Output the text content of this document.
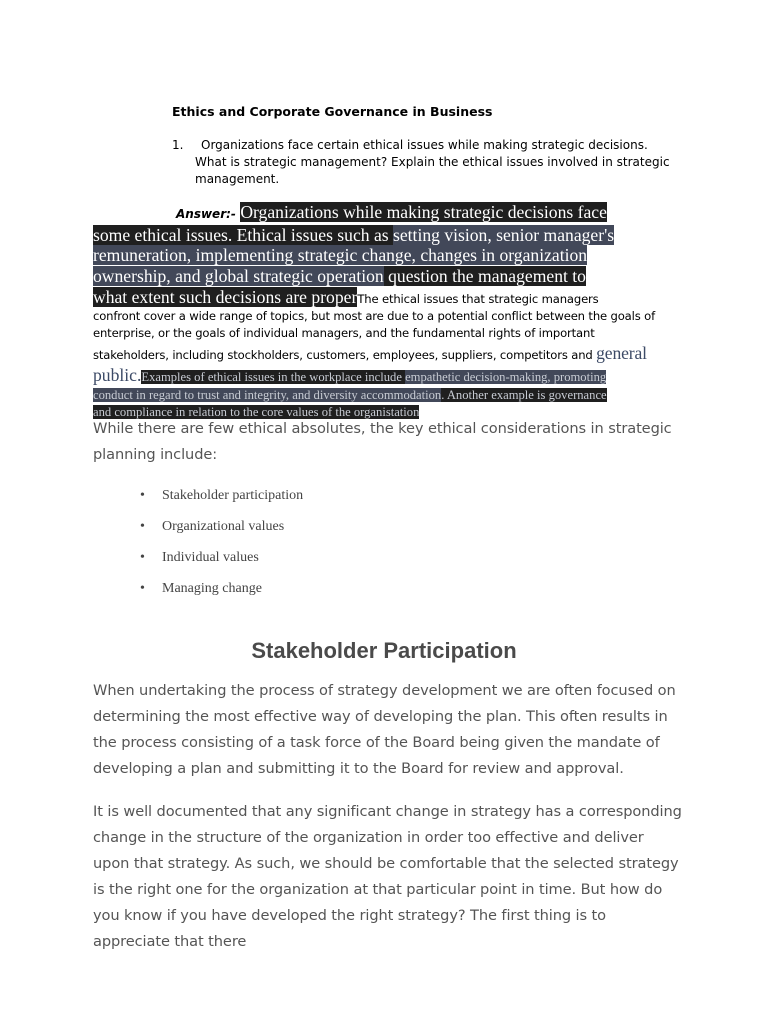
Ethics and Corporate Governance in Business
1.	Organizations face certain ethical issues while making strategic decisions. What is strategic management? Explain the ethical issues involved in strategic management.
Answer:- Organizations while making strategic decisions face
some ethical issues. Ethical issues such as setting vision, senior manager's
remuneration, implementing strategic change, changes in organization
ownership, and global strategic operation question the management to
what extent such decisions are properThe ethical issues that strategic managers
confront cover a wide range of topics, but most are due to a potential conflict between the goals of
enterprise, or the goals of individual managers, and the fundamental rights of important
stakeholders, including stockholders, customers, employees, suppliers, competitors and general
public.Examples of ethical issues in the workplace include empathetic decision-making, promoting
conduct in regard to trust and integrity, and diversity accommodation. Another example is governance
and compliance in relation to the core values of the organistation
While there are few ethical absolutes, the key ethical considerations in strategic planning include:
• Stakeholder participation
• Organizational values
• Individual values
• Managing change
Stakeholder Participation
When undertaking the process of strategy development we are often focused on determining the most effective way of developing the plan. This often results in the process consisting of a task force of the Board being given the mandate of developing a plan and submitting it to the Board for review and approval.
It is well documented that any significant change in strategy has a corresponding change in the structure of the organization in order too effective and deliver upon that strategy. As such, we should be comfortable that the selected strategy is the right one for the organization at that particular point in time. But how do you know if you have developed the right strategy? The first thing is to appreciate that there
